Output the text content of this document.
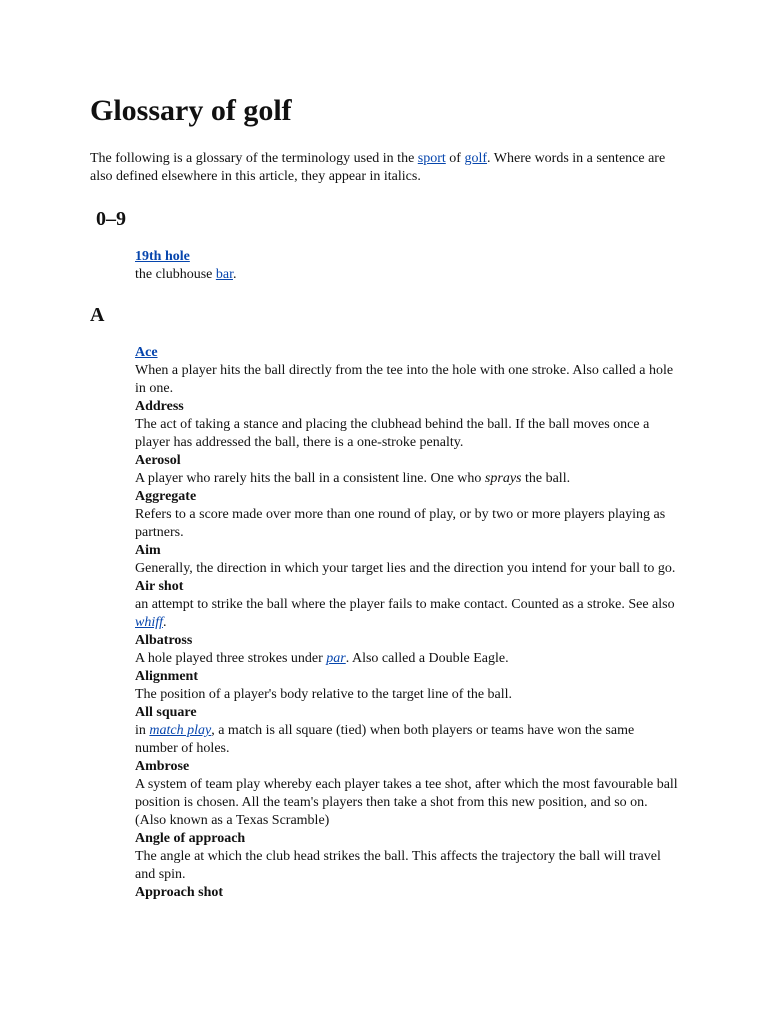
Glossary of golf

The following is a glossary of the terminology used in the sport of golf. Where words in a sentence are also defined elsewhere in this article, they appear in italics.

0–9
19th hole
the clubhouse bar.
A
Ace
When a player hits the ball directly from the tee into the hole with one stroke. Also called a hole in one.
Address
The act of taking a stance and placing the clubhead behind the ball. If the ball moves once a player has addressed the ball, there is a one-stroke penalty.
Aerosol
A player who rarely hits the ball in a consistent line. One who sprays the ball.
Aggregate
Refers to a score made over more than one round of play, or by two or more players playing as partners.
Aim
Generally, the direction in which your target lies and the direction you intend for your ball to go.
Air shot
an attempt to strike the ball where the player fails to make contact. Counted as a stroke. See also whiff.
Albatross
A hole played three strokes under par. Also called a Double Eagle.
Alignment
The position of a player's body relative to the target line of the ball.
All square
in match play, a match is all square (tied) when both players or teams have won the same number of holes.
Ambrose
A system of team play whereby each player takes a tee shot, after which the most favourable ball position is chosen. All the team's players then take a shot from this new position, and so on. (Also known as a Texas Scramble)
Angle of approach
The angle at which the club head strikes the ball. This affects the trajectory the ball will travel and spin.
Approach shot
